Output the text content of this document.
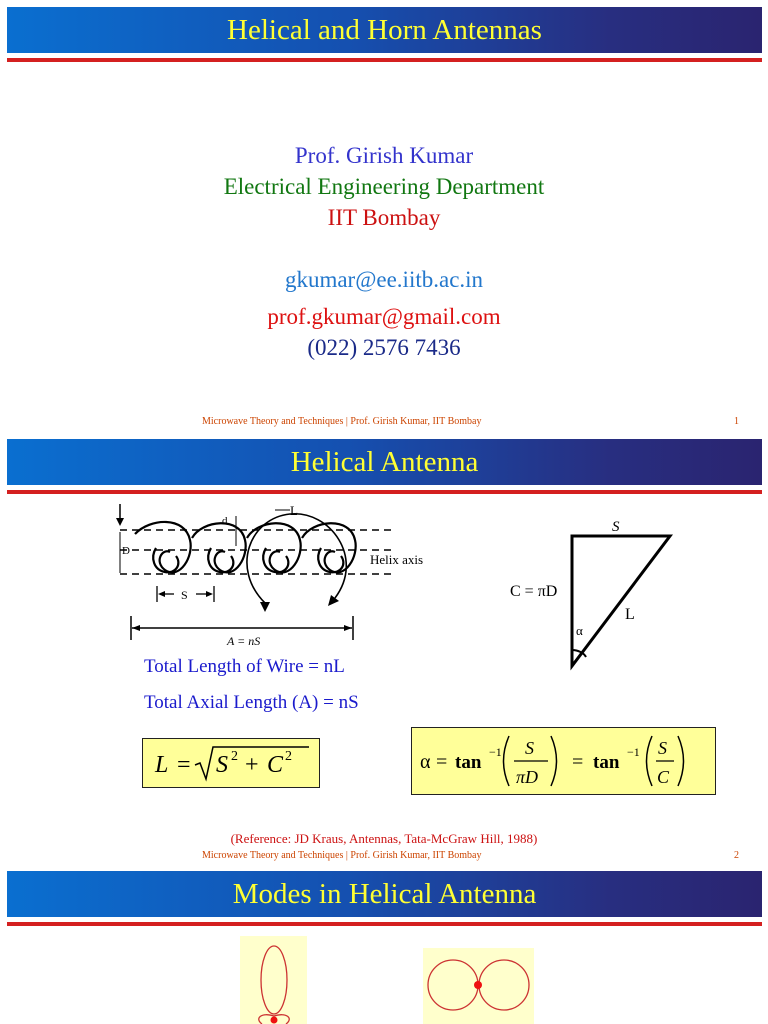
Helical and Horn Antennas
Prof. Girish Kumar
Electrical Engineering Department
IIT Bombay
gkumar@ee.iitb.ac.in
prof.gkumar@gmail.com
(022) 2576 7436
Microwave Theory and Techniques | Prof. Girish Kumar, IIT Bombay	1
Helical Antenna
D
L
d
Helix axis
S
A = nS
S
C = πD
L
α
Total Length of Wire = nL
Total Axial Length (A) = nS
L = S 2 + C 2	α = tan −1 S
πD
= tan −1 S
C
(Reference: JD Kraus, Antennas, Tata-McGraw Hill, 1988)
Microwave Theory and Techniques | Prof. Girish Kumar, IIT Bombay	2
Modes in Helical Antenna
